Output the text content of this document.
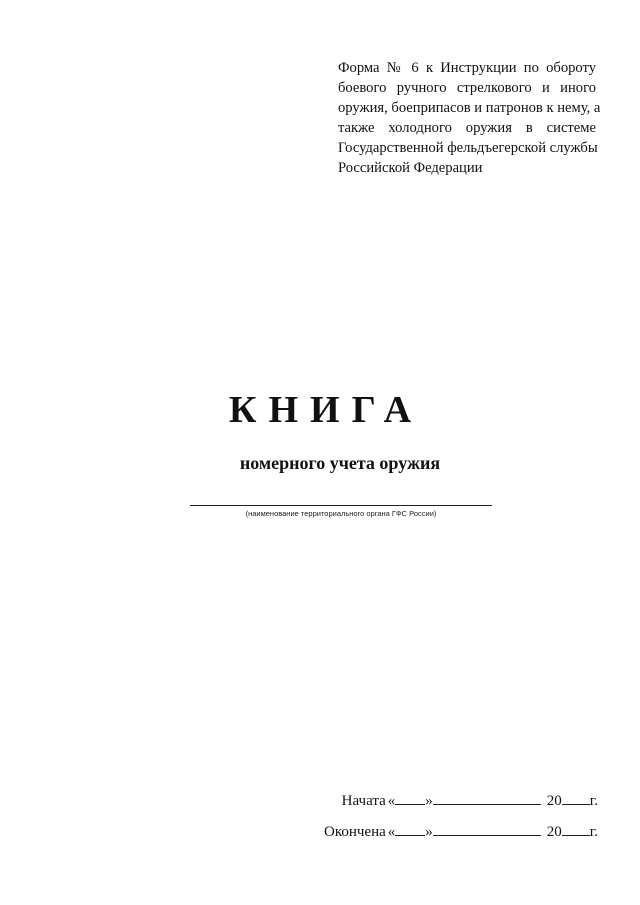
Форма № 6 к Инструкции по обороту
боевого ручного стрелкового и иного
оружия, боеприпасов и патронов к нему, а
также холодного оружия в системе
Государственной фельдъегерской службы
Российской Федерации
КНИГА
номерного учета оружия
(наименование территориального органа ГФС России)
Начата « »	20 г.
Окончена « »	20 г.
